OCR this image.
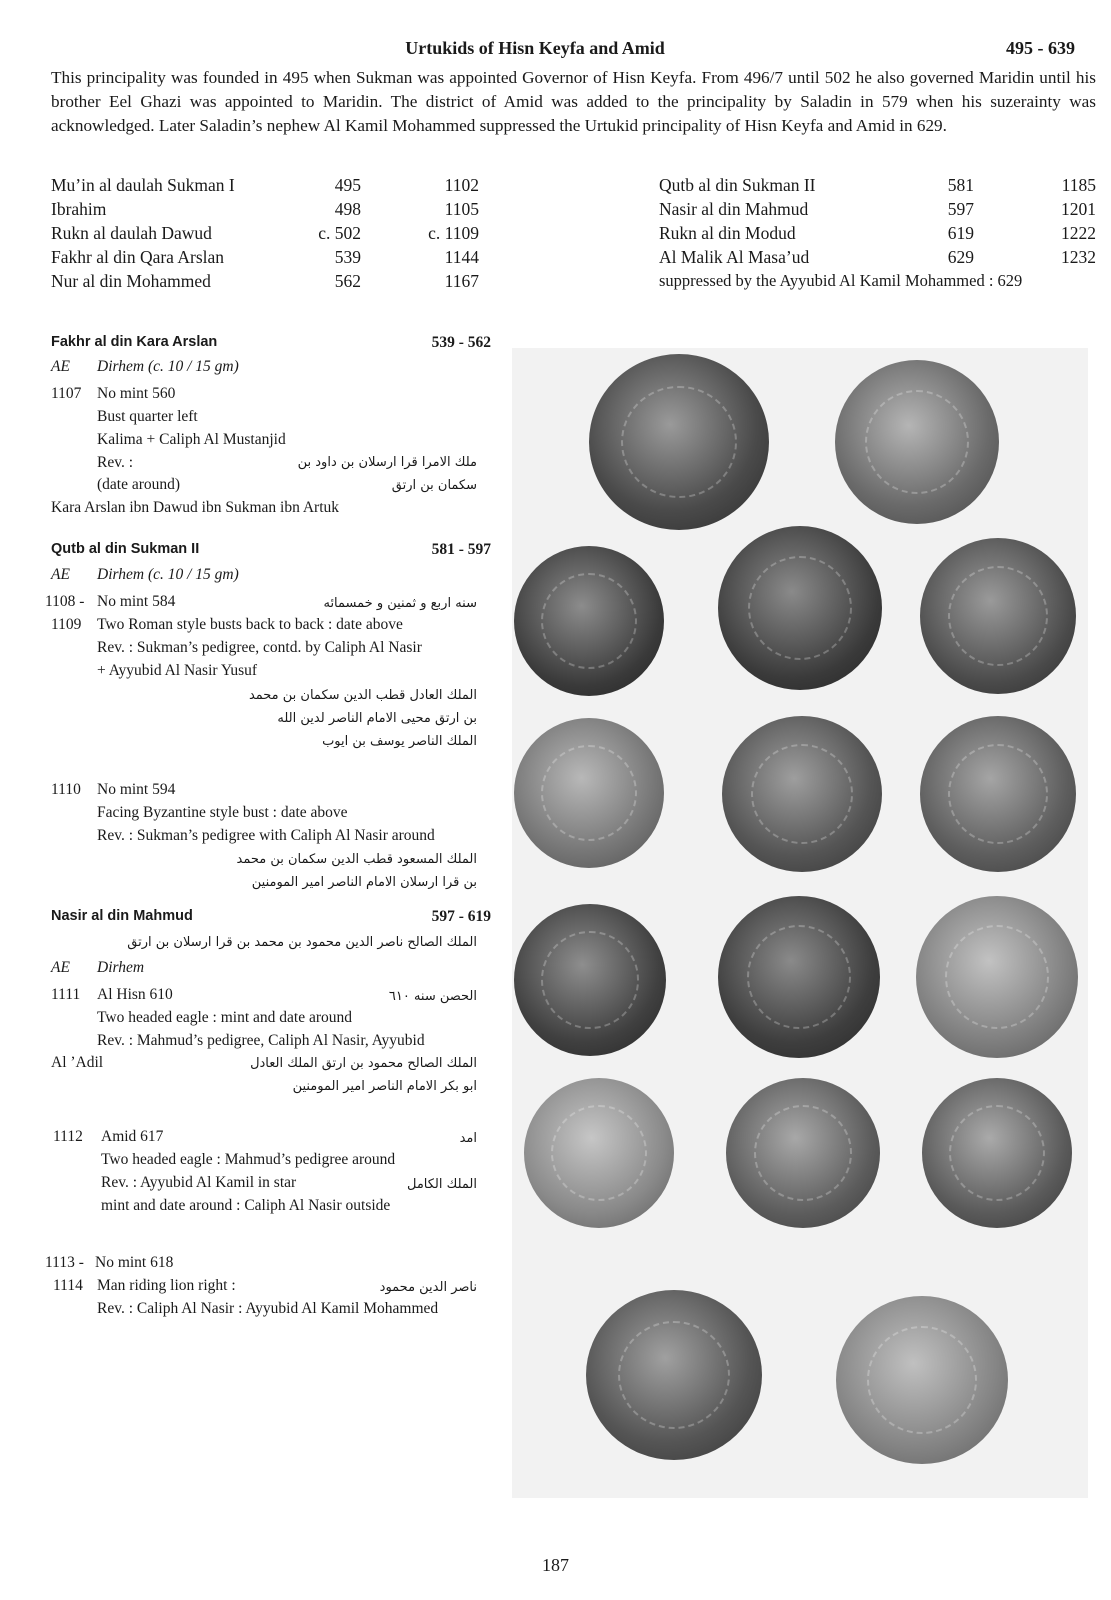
Urtukids of Hisn Keyfa and Amid	495 - 639
This principality was founded in 495 when Sukman was appointed Governor of Hisn Keyfa. From 496/7 until 502 he also governed Maridin until his brother Eel Ghazi was appointed to Maridin. The district of Amid was added to the principality by Saladin in 579 when his suzerainty was acknowledged. Later Saladin’s nephew Al Kamil Mohammed suppressed the Urtukid principality of Hisn Keyfa and Amid in 629.
Mu’in al daulah Sukman I	495	1102
Ibrahim	498	1105
Rukn al daulah Dawud	c. 502	c. 1109
Fakhr al din Qara Arslan	539	1144
Nur al din Mohammed	562	1167
Qutb al din Sukman II	581	1185
Nasir al din Mahmud	597	1201
Rukn al din Modud	619	1222
Al Malik Al Masa’ud	629	1232
suppressed by the Ayyubid Al Kamil Mohammed : 629
Fakhr al din Kara Arslan	539 - 562
AE Dirhem (c. 10 / 15 gm)
1107 No mint 560
Bust quarter left
Kalima + Caliph Al Mustanjid
Rev. :
(date around)
ملك الامرا قرا ارسلان بن داود بن
سكمان بن ارتق
Kara Arslan ibn Dawud ibn Sukman ibn Artuk
Qutb al din Sukman II	581 - 597
AE Dirhem (c. 10 / 15 gm)
1108 -
1109
No mint 584	سنه اربع و ثمنين و خمسمائه
Two Roman style busts back to back : date above
Rev. : Sukman’s pedigree, contd. by Caliph Al Nasir
+ Ayyubid Al Nasir Yusuf
الملك العادل قطب الدين سكمان بن محمد
بن ارتق محيى الامام الناصر لدين الله
الملك الناصر يوسف بن ايوب
1110 No mint 594
Facing Byzantine style bust : date above
Rev. : Sukman’s pedigree with Caliph Al Nasir around
الملك المسعود قطب الدين سكمان بن محمد
بن قرا ارسلان الامام الناصر امير المومنين
Nasir al din Mahmud	597 - 619
الملك الصالح ناصر الدين محمود بن محمد بن قرا ارسلان بن ارتق
AE Dirhem
1111 Al Hisn 610	الحصن سنه ٦١٠
Two headed eagle : mint and date around
Rev. : Mahmud’s pedigree, Caliph Al Nasir, Ayyubid
Al ’Adil	الملك الصالح محمود بن ارتق الملك العادل
ابو بكر الامام الناصر امير المومنين
1112 Amid 617	امد
Two headed eagle : Mahmud’s pedigree around
Rev. : Ayyubid Al Kamil in star	الملك الكامل
mint and date around : Caliph Al Nasir outside
1113 -
1114
No mint 618
Man riding lion right :	ناصر الدين محمود
Rev. : Caliph Al Nasir : Ayyubid Al Kamil Mohammed
187
